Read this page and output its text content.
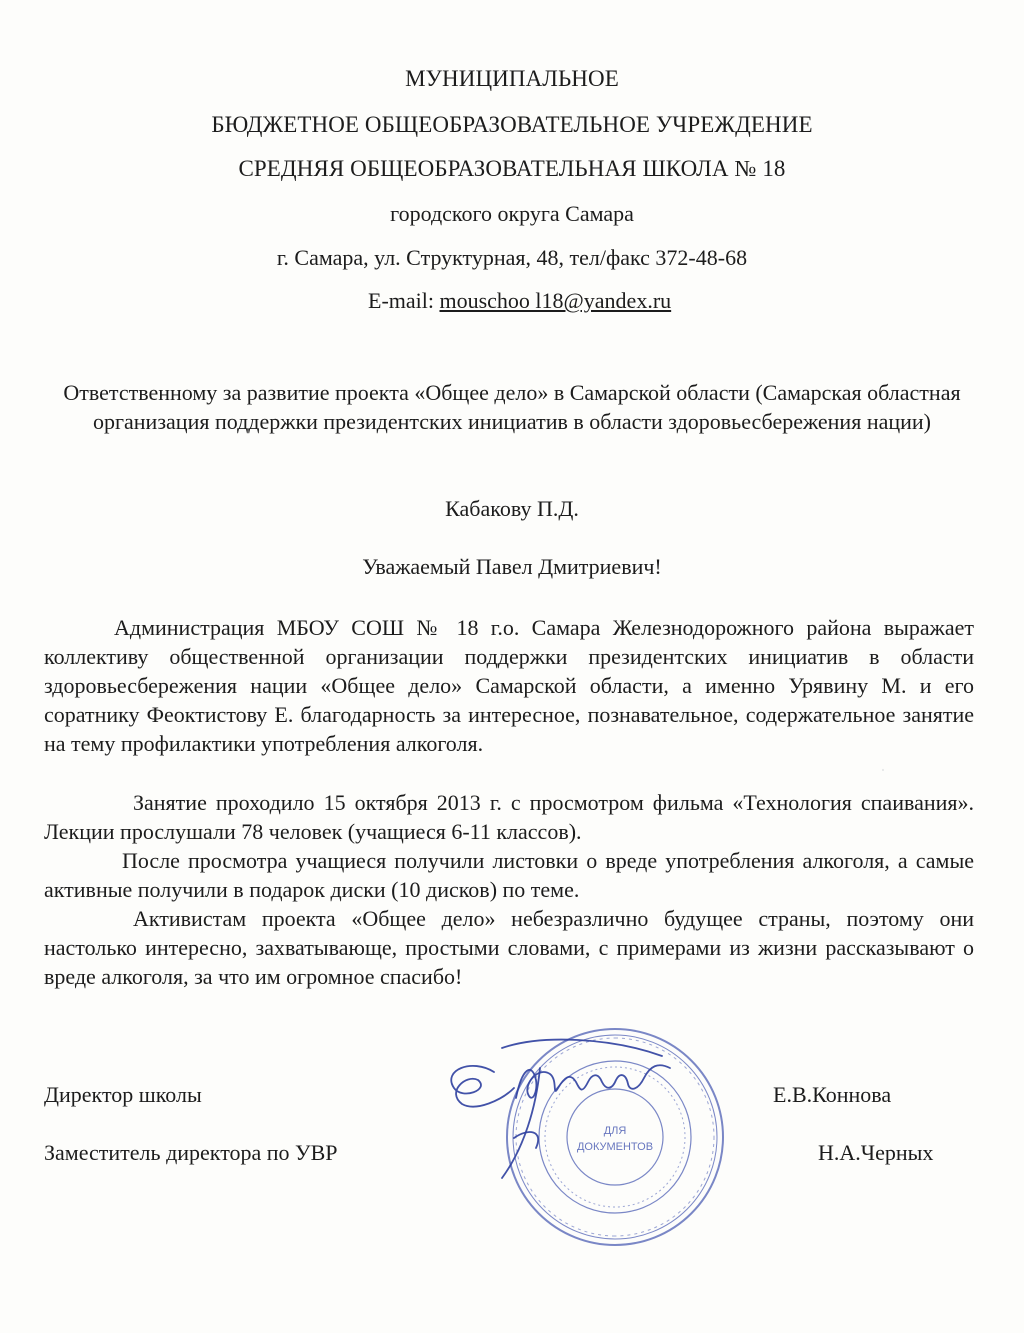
МУНИЦИПАЛЬНОЕ
БЮДЖЕТНОЕ ОБЩЕОБРАЗОВАТЕЛЬНОЕ УЧРЕЖДЕНИЕ
СРЕДНЯЯ ОБЩЕОБРАЗОВАТЕЛЬНАЯ ШКОЛА № 18
городского округа Самара
г. Самара, ул. Структурная, 48, тел/факс 372-48-68
E-mail: mouschoo l18@yandex.ru
Ответственному за развитие проекта «Общее дело» в Самарской области (Самарская областная организация поддержки президентских инициатив в области здоровьесбережения нации)
Кабакову П.Д.
Уважаемый Павел Дмитриевич!
Администрация МБОУ СОШ № 18 г.о. Самара Железнодорожного района выражает коллективу общественной организации поддержки президентских инициатив в области здоровьесбережения нации «Общее дело» Самарской области, а именно Урявину М. и его соратнику Феоктистову Е. благодарность за интересное, познавательное, содержательное занятие на тему профилактики употребления алкоголя.
Занятие проходило 15 октября 2013 г. с просмотром фильма «Технология спаивания». Лекции прослушали 78 человек (учащиеся 6-11 классов).
После просмотра учащиеся получили листовки о вреде употребления алкоголя, а самые активные получили в подарок диски (10 дисков) по теме.
Активистам проекта «Общее дело» небезразлично будущее страны, поэтому они настолько интересно, захватывающе, простыми словами, с примерами из жизни рассказывают о вреде алкоголя, за что им огромное спасибо!
·
Директор школы	Е.В.Коннова
Заместитель директора по УВР	Н.А.Черных
ДЛЯ
ДОКУМЕНТОВ
